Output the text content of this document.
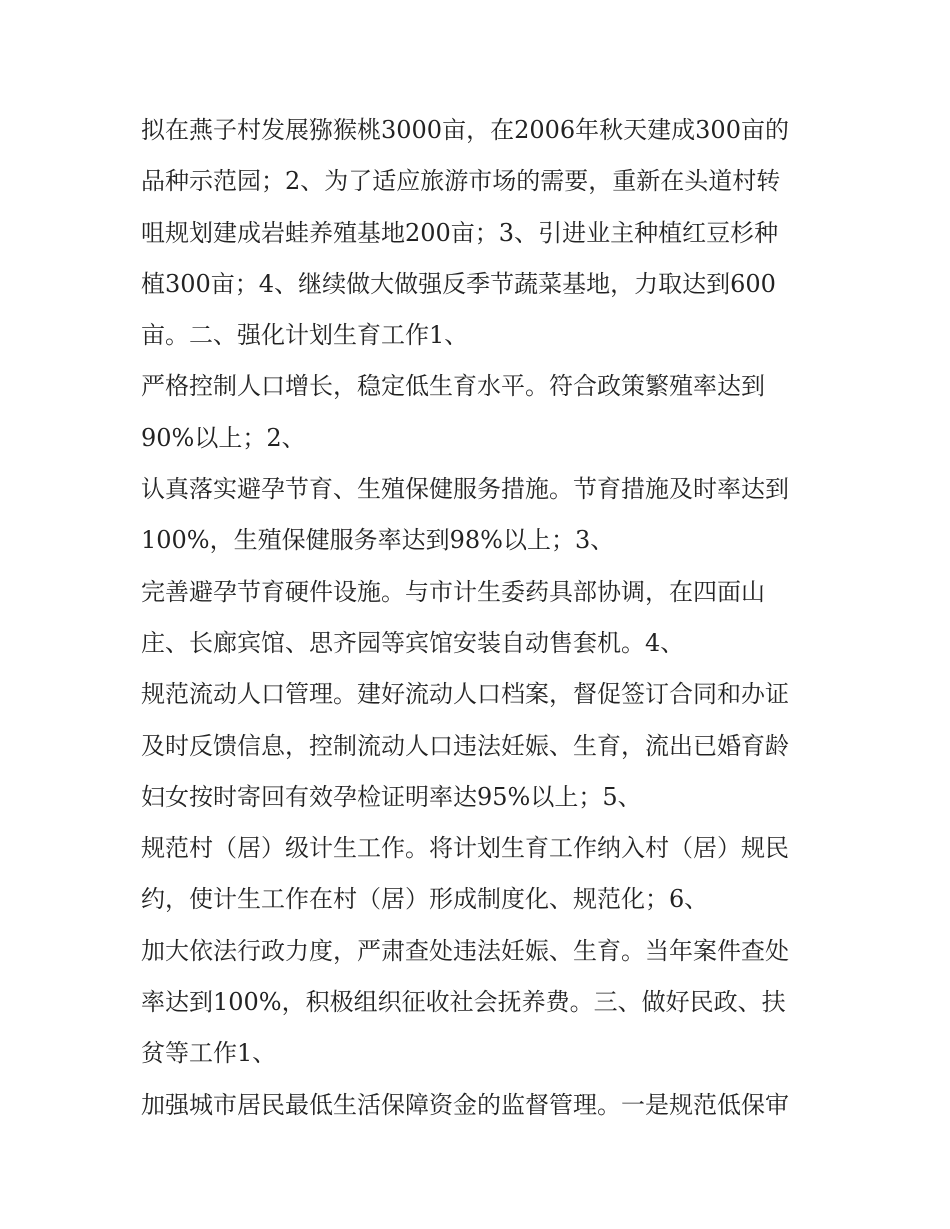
拟在燕子村发展猕猴桃3000亩，在2006年秋天建成300亩的
品种示范园；2、为了适应旅游市场的需要，重新在头道村转
咀规划建成岩蛙养殖基地200亩；3、引进业主种植红豆杉种
植300亩；4、继续做大做强反季节蔬菜基地，力取达到600
亩。二、强化计划生育工作1、
严格控制人口增长，稳定低生育水平。符合政策繁殖率达到
90%以上；2、
认真落实避孕节育、生殖保健服务措施。节育措施及时率达到
100%，生殖保健服务率达到98%以上；3、
完善避孕节育硬件设施。与市计生委药具部协调，在四面山
庄、长廊宾馆、思齐园等宾馆安装自动售套机。4、
规范流动人口管理。建好流动人口档案，督促签订合同和办证
及时反馈信息，控制流动人口违法妊娠、生育，流出已婚育龄
妇女按时寄回有效孕检证明率达95%以上；5、
规范村（居）级计生工作。将计划生育工作纳入村（居）规民
约，使计生工作在村（居）形成制度化、规范化；6、
加大依法行政力度，严肃查处违法妊娠、生育。当年案件查处
率达到100%，积极组织征收社会抚养费。三、做好民政、扶
贫等工作1、
加强城市居民最低生活保障资金的监督管理。一是规范低保审
